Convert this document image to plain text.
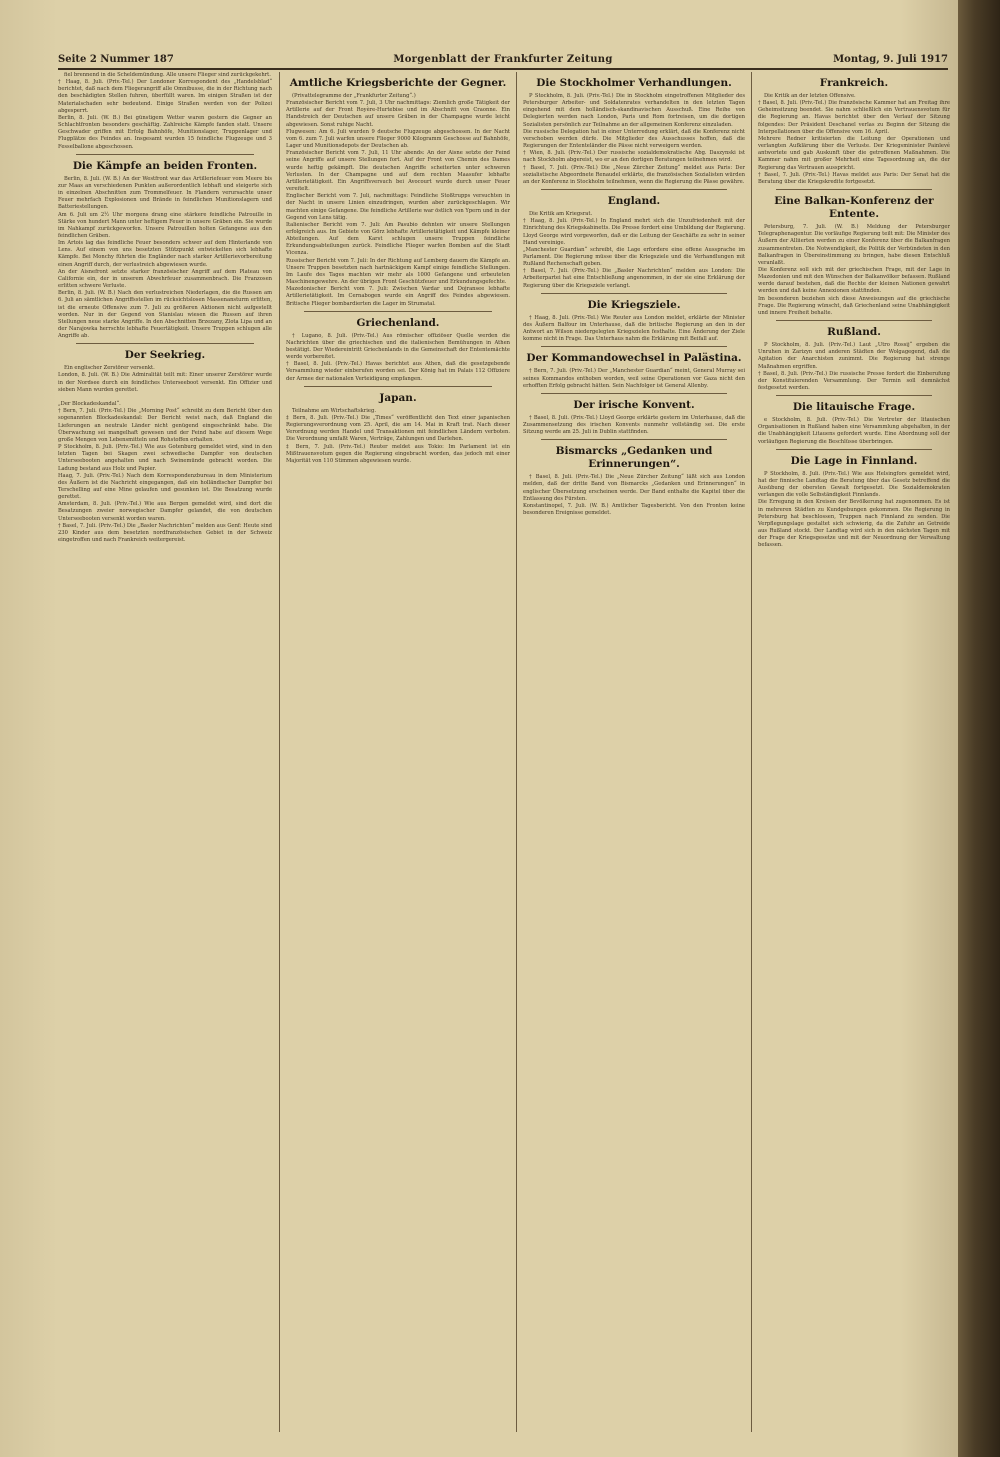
Seite 2 Nummer 187	Morgenblatt der Frankfurter Zeitung	Montag, 9. Juli 1917
fiel brennend in die Scheldemündung. Alle unsere Flieger sind zurückgekehrt.
† Haag, 8. Juli. (Priv.-Tel.) Der Londoner Korrespondent des „Handelsblad“ berichtet, daß nach dem Fliegerangriff alle Omnibusse, die in der Richtung nach den beschädigten Stellen fuhren, überfüllt waren. Im einigen Straßen ist der Materialschaden sehr bedeutend. Einige Straßen werden von der Polizei abgesperrt.
Berlin, 8. Juli. (W. B.) Bei günstigem Wetter waren gestern die Gegner an Schlachtfronten besonders geschäftig. Zahlreiche Kämpfe fanden statt. Unsere Geschwader griffen mit Erfolg Bahnhöfe, Munitionslager, Truppenlager und Flugplätze des Feindes an. Insgesamt wurden 15 feindliche Flugzeuge und 3 Fesselballone abgeschossen.
Die Kämpfe an beiden Fronten.
Berlin, 8. Juli. (W. B.) An der Westfront war das Artilleriefeuer vom Meere bis zur Maas an verschiedenen Punkten außerordentlich lebhaft und steigerte sich in einzelnen Abschnitten zum Trommelfeuer. In Flandern verursachte unser Feuer mehrfach Explosionen und Brände in feindlichen Munitionslagern und Batteriestellungen.
Am 6. Juli um 2½ Uhr morgens drang eine stärkere feindliche Patrouille in Stärke von hundert Mann unter heftigem Feuer in unsere Gräben ein. Sie wurde im Nahkampf zurückgeworfen. Unsere Patrouillen holten Gefangene aus den feindlichen Gräben.
Im Artois lag das feindliche Feuer besonders schwer auf dem Hinterlande von Lens. Auf einem von uns besetzten Stützpunkt entwickelten sich lebhafte Kämpfe. Bei Monchy führten die Engländer nach starker Artillerievorbereitung einen Angriff durch, der verlustreich abgewiesen wurde.
An der Aisnefront setzte starker französischer Angriff auf dem Plateau von Californie ein, der in unserem Abwehrfeuer zusammenbrach. Die Franzosen erlitten schwere Verluste.
Berlin, 8. Juli. (W. B.) Nach den verlustreichen Niederlagen, die die Russen am 6. Juli an sämtlichen Angriffsstellen im rücksichtslosen Massenansturm erlitten, ist die erneute Offensive zum 7. Juli zu größeren Aktionen nicht aufgestellt worden. Nur in der Gegend von Stanislau wiesen die Russen auf ihren Stellungen neue starke Angriffe. In den Abschnitten Brzezany, Zlota Lipa und an der Narajowka herrschte lebhafte Feuertätigkeit. Unsere Truppen schlugen alle Angriffe ab.
Der Seekrieg.
Ein englischer Zerstörer versenkt.
London, 8. Juli. (W. B.) Die Admiralität teilt mit: Einer unserer Zerstörer wurde in der Nordsee durch ein feindliches Unterseeboot versenkt. Ein Offizier und sieben Mann wurden gerettet.

„Der Blockadeskandal“.
† Bern, 7. Juli. (Priv.-Tel.) Die „Morning Post“ schreibt zu dem Bericht über den sogenannten Blockadeskandal: Der Bericht weist nach, daß England die Lieferungen an neutrale Länder nicht genügend eingeschränkt habe. Die Überwachung sei mangelhaft gewesen und der Feind habe auf diesem Wege große Mengen von Lebensmitteln und Rohstoffen erhalten.
P Stockholm, 8. Juli. (Priv.-Tel.) Wie aus Gotenburg gemeldet wird, sind in den letzten Tagen bei Skagen zwei schwedische Dampfer von deutschen Unterseebooten angehalten und nach Swinemünde gebracht worden. Die Ladung bestand aus Holz und Papier.
Haag, 7. Juli. (Priv.-Tel.) Nach dem Korrespondenzbureau in dem Ministerium des Äußern ist die Nachricht eingegangen, daß ein holländischer Dampfer bei Terschelling auf eine Mine gelaufen und gesunken ist. Die Besatzung wurde gerettet.
Amsterdam, 8. Juli. (Priv.-Tel.) Wie aus Bergen gemeldet wird, sind dort die Besatzungen zweier norwegischer Dampfer gelandet, die von deutschen Unterseebooten versenkt worden waren.
† Basel, 7. Juli. (Priv.-Tel.) Die „Basler Nachrichten“ melden aus Genf: Heute sind 230 Kinder aus dem besetzten nordfranzösischen Gebiet in der Schweiz eingetroffen und nach Frankreich weitergereist.
Amtliche Kriegsberichte der Gegner.
(Privattelegramme der „Frankfurter Zeitung“.)
Französischer Bericht vom 7. Juli, 3 Uhr nachmittags: Ziemlich große Tätigkeit der Artillerie auf der Front Royère-Hurtebise und im Abschnitt von Craonne. Ein Handstreich der Deutschen auf unsere Gräben in der Champagne wurde leicht abgewiesen. Sonst ruhige Nacht.
Flugwesen: Am 6. Juli wurden 9 deutsche Flugzeuge abgeschossen. In der Nacht vom 6. zum 7. Juli warfen unsere Flieger 9000 Kilogramm Geschosse auf Bahnhöfe, Lager und Munitionsdepots der Deutschen ab.
Französischer Bericht vom 7. Juli, 11 Uhr abends: An der Aisne setzte der Feind seine Angriffe auf unsere Stellungen fort. Auf der Front von Chemin des Dames wurde heftig gekämpft. Die deutschen Angriffe scheiterten unter schweren Verlusten. In der Champagne und auf dem rechten Maasufer lebhafte Artillerietätigkeit. Ein Angriffsversuch bei Avocourt wurde durch unser Feuer vereitelt.
Englischer Bericht vom 7. Juli, nachmittags: Feindliche Stoßtrupps versuchten in der Nacht in unsere Linien einzudringen, wurden aber zurückgeschlagen. Wir machten einige Gefangene. Die feindliche Artillerie war östlich von Ypern und in der Gegend von Lens tätig.
Italienischer Bericht vom 7. Juli: Am Pasubio dehnten wir unsere Stellungen erfolgreich aus. Im Gebiete von Görz lebhafte Artillerietätigkeit und Kämpfe kleiner Abteilungen. Auf dem Karst schlugen unsere Truppen feindliche Erkundungsabteilungen zurück. Feindliche Flieger warfen Bomben auf die Stadt Vicenza.
Russischer Bericht vom 7. Juli: In der Richtung auf Lemberg dauern die Kämpfe an. Unsere Truppen besetzten nach hartnäckigem Kampf einige feindliche Stellungen. Im Laufe des Tages machten wir mehr als 1000 Gefangene und erbeuteten Maschinengewehre. An der übrigen Front Geschützfeuer und Erkundungsgefechte.
Mazedonischer Bericht vom 7. Juli: Zwischen Vardar und Dojransee lebhafte Artillerietätigkeit. Im Cernabogen wurde ein Angriff des Feindes abgewiesen. Britische Flieger bombardierten die Lager im Strumatal.
Griechenland.
† Lugano, 8. Juli. (Priv.-Tel.) Aus römischer offiziöser Quelle werden die Nachrichten über die griechischen und die italienischen Bemühungen in Athen bestätigt. Der Wiedereintritt Griechenlands in die Gemeinschaft der Ententemächte werde vorbereitet.
† Basel, 8. Juli. (Priv.-Tel.) Havas berichtet aus Athen, daß die gesetzgebende Versammlung wieder einberufen worden sei. Der König hat im Palais 112 Offiziere der Armee der nationalen Verteidigung empfangen.
Japan.
Teilnahme am Wirtschaftskrieg.
‡ Bern, 8. Juli. (Priv.-Tel.) Die „Times“ veröffentlicht den Text einer japanischen Regierungsverordnung vom 25. April, die am 14. Mai in Kraft trat. Nach dieser Verordnung werden Handel und Transaktionen mit feindlichen Ländern verboten. Die Verordnung umfaßt Waren, Verträge, Zahlungen und Darlehen.
‡ Bern, 7. Juli. (Priv.-Tel.) Reuter meldet aus Tokio: Im Parlament ist ein Mißtrauensvotum gegen die Regierung eingebracht worden, das jedoch mit einer Majorität von 110 Stimmen abgewiesen wurde.
Die Stockholmer Verhandlungen.
P Stockholm, 8. Juli. (Priv.-Tel.) Die in Stockholm eingetroffenen Mitglieder des Petersburger Arbeiter- und Soldatenrates verhandelten in den letzten Tagen eingehend mit dem holländisch-skandinavischen Ausschuß. Eine Reihe von Delegierten werden nach London, Paris und Rom fortreisen, um die dortigen Sozialisten persönlich zur Teilnahme an der allgemeinen Konferenz einzuladen.
Die russische Delegation hat in einer Unterredung erklärt, daß die Konferenz nicht verschoben werden dürfe. Die Mitglieder des Ausschusses hoffen, daß die Regierungen der Ententeländer die Pässe nicht verweigern werden.
† Wien, 8. Juli. (Priv.-Tel.) Der russische sozialdemokratische Abg. Daszynski ist nach Stockholm abgereist, wo er an den dortigen Beratungen teilnehmen wird.
† Basel, 7. Juli. (Priv.-Tel.) Die „Neue Zürcher Zeitung“ meldet aus Paris: Der sozialistische Abgeordnete Renaudel erklärte, die französischen Sozialisten würden an der Konferenz in Stockholm teilnehmen, wenn die Regierung die Pässe gewähre.
England.
Die Kritik am Kriegsrat.
† Haag, 8. Juli. (Priv.-Tel.) In England mehrt sich die Unzufriedenheit mit der Einrichtung des Kriegskabinetts. Die Presse fordert eine Umbildung der Regierung. Lloyd George wird vorgeworfen, daß er die Leitung der Geschäfte zu sehr in seiner Hand vereinige.
„Manchester Guardian“ schreibt, die Lage erfordere eine offene Aussprache im Parlament. Die Regierung müsse über die Kriegsziele und die Verhandlungen mit Rußland Rechenschaft geben.
† Basel, 7. Juli. (Priv.-Tel.) Die „Basler Nachrichten“ melden aus London: Die Arbeiterpartei hat eine Entschließung angenommen, in der sie eine Erklärung der Regierung über die Kriegsziele verlangt.
Die Kriegsziele.
† Haag, 8. Juli. (Priv.-Tel.) Wie Reuter aus London meldet, erklärte der Minister des Äußern Balfour im Unterhause, daß die britische Regierung an den in der Antwort an Wilson niedergelegten Kriegszielen festhalte. Eine Änderung der Ziele komme nicht in Frage. Das Unterhaus nahm die Erklärung mit Beifall auf.
Der Kommandowechsel in Palästina.
† Bern, 7. Juli. (Priv.-Tel.) Der „Manchester Guardian“ meint, General Murray sei seines Kommandos enthoben worden, weil seine Operationen vor Gaza nicht den erhofften Erfolg gebracht hätten. Sein Nachfolger ist General Allenby.
Der irische Konvent.
† Basel, 8. Juli. (Priv.-Tel.) Lloyd George erklärte gestern im Unterhause, daß die Zusammensetzung des irischen Konvents nunmehr vollständig sei. Die erste Sitzung werde am 25. Juli in Dublin stattfinden.
Bismarcks „Gedanken und Erinnerungen“.
† Basel, 8. Juli. (Priv.-Tel.) Die „Neue Zürcher Zeitung“ läßt sich aus London melden, daß der dritte Band von Bismarcks „Gedanken und Erinnerungen“ in englischer Übersetzung erscheinen werde. Der Band enthalte die Kapitel über die Entlassung des Fürsten.
Konstantinopel, 7. Juli. (W. B.) Amtlicher Tagesbericht. Von den Fronten keine besonderen Ereignisse gemeldet.
Frankreich.
Die Kritik an der letzten Offensive.
† Basel, 8. Juli. (Priv.-Tel.) Die französische Kammer hat am Freitag ihre Geheimsitzung beendet. Sie nahm schließlich ein Vertrauensvotum für die Regierung an. Havas berichtet über den Verlauf der Sitzung folgendes: Der Präsident Deschanel verlas zu Beginn der Sitzung die Interpellationen über die Offensive vom 16. April.
Mehrere Redner kritisierten die Leitung der Operationen und verlangten Aufklärung über die Verluste. Der Kriegsminister Painlevé antwortete und gab Auskunft über die getroffenen Maßnahmen. Die Kammer nahm mit großer Mehrheit eine Tagesordnung an, die der Regierung das Vertrauen ausspricht.
† Basel, 7. Juli. (Priv.-Tel.) Havas meldet aus Paris: Der Senat hat die Beratung über die Kriegskredite fortgesetzt.
Eine Balkan-Konferenz der Entente.
Petersburg, 7. Juli. (W. B.) Meldung der Petersburger Telegraphenagentur. Die vorläufige Regierung teilt mit: Die Minister des Äußern der Alliierten werden zu einer Konferenz über die Balkanfragen zusammentreten. Die Notwendigkeit, die Politik der Verbündeten in den Balkanfragen in Übereinstimmung zu bringen, habe diesen Entschluß veranlaßt.
Die Konferenz soll sich mit der griechischen Frage, mit der Lage in Mazedonien und mit den Wünschen der Balkanvölker befassen. Rußland werde darauf bestehen, daß die Rechte der kleinen Nationen gewahrt werden und daß keine Annexionen stattfinden.
Im besonderen beziehen sich diese Anweisungen auf die griechische Frage. Die Regierung wünscht, daß Griechenland seine Unabhängigkeit und innere Freiheit behalte.
Rußland.
P Stockholm, 8. Juli. (Priv.-Tel.) Laut „Utro Rossij“ ergeben die Unruhen in Zarizyn und anderen Städten der Wolgagegend, daß die Agitation der Anarchisten zunimmt. Die Regierung hat strenge Maßnahmen ergriffen.
† Basel, 8. Juli. (Priv.-Tel.) Die russische Presse fordert die Einberufung der Konstituierenden Versammlung. Der Termin soll demnächst festgesetzt werden.
Die litauische Frage.
e Stockholm, 8. Juli. (Priv.-Tel.) Die Vertreter der litauischen Organisationen in Rußland haben eine Versammlung abgehalten, in der die Unabhängigkeit Litauens gefordert wurde. Eine Abordnung soll der vorläufigen Regierung die Beschlüsse überbringen.
Die Lage in Finnland.
P Stockholm, 8. Juli. (Priv.-Tel.) Wie aus Helsingfors gemeldet wird, hat der finnische Landtag die Beratung über das Gesetz betreffend die Ausübung der obersten Gewalt fortgesetzt. Die Sozialdemokraten verlangen die volle Selbständigkeit Finnlands.
Die Erregung in den Kreisen der Bevölkerung hat zugenommen. Es ist in mehreren Städten zu Kundgebungen gekommen. Die Regierung in Petersburg hat beschlossen, Truppen nach Finnland zu senden. Die Verpflegungslage gestaltet sich schwierig, da die Zufuhr an Getreide aus Rußland stockt. Der Landtag wird sich in den nächsten Tagen mit der Frage der Kriegsgesetze und mit der Neuordnung der Verwaltung befassen.
